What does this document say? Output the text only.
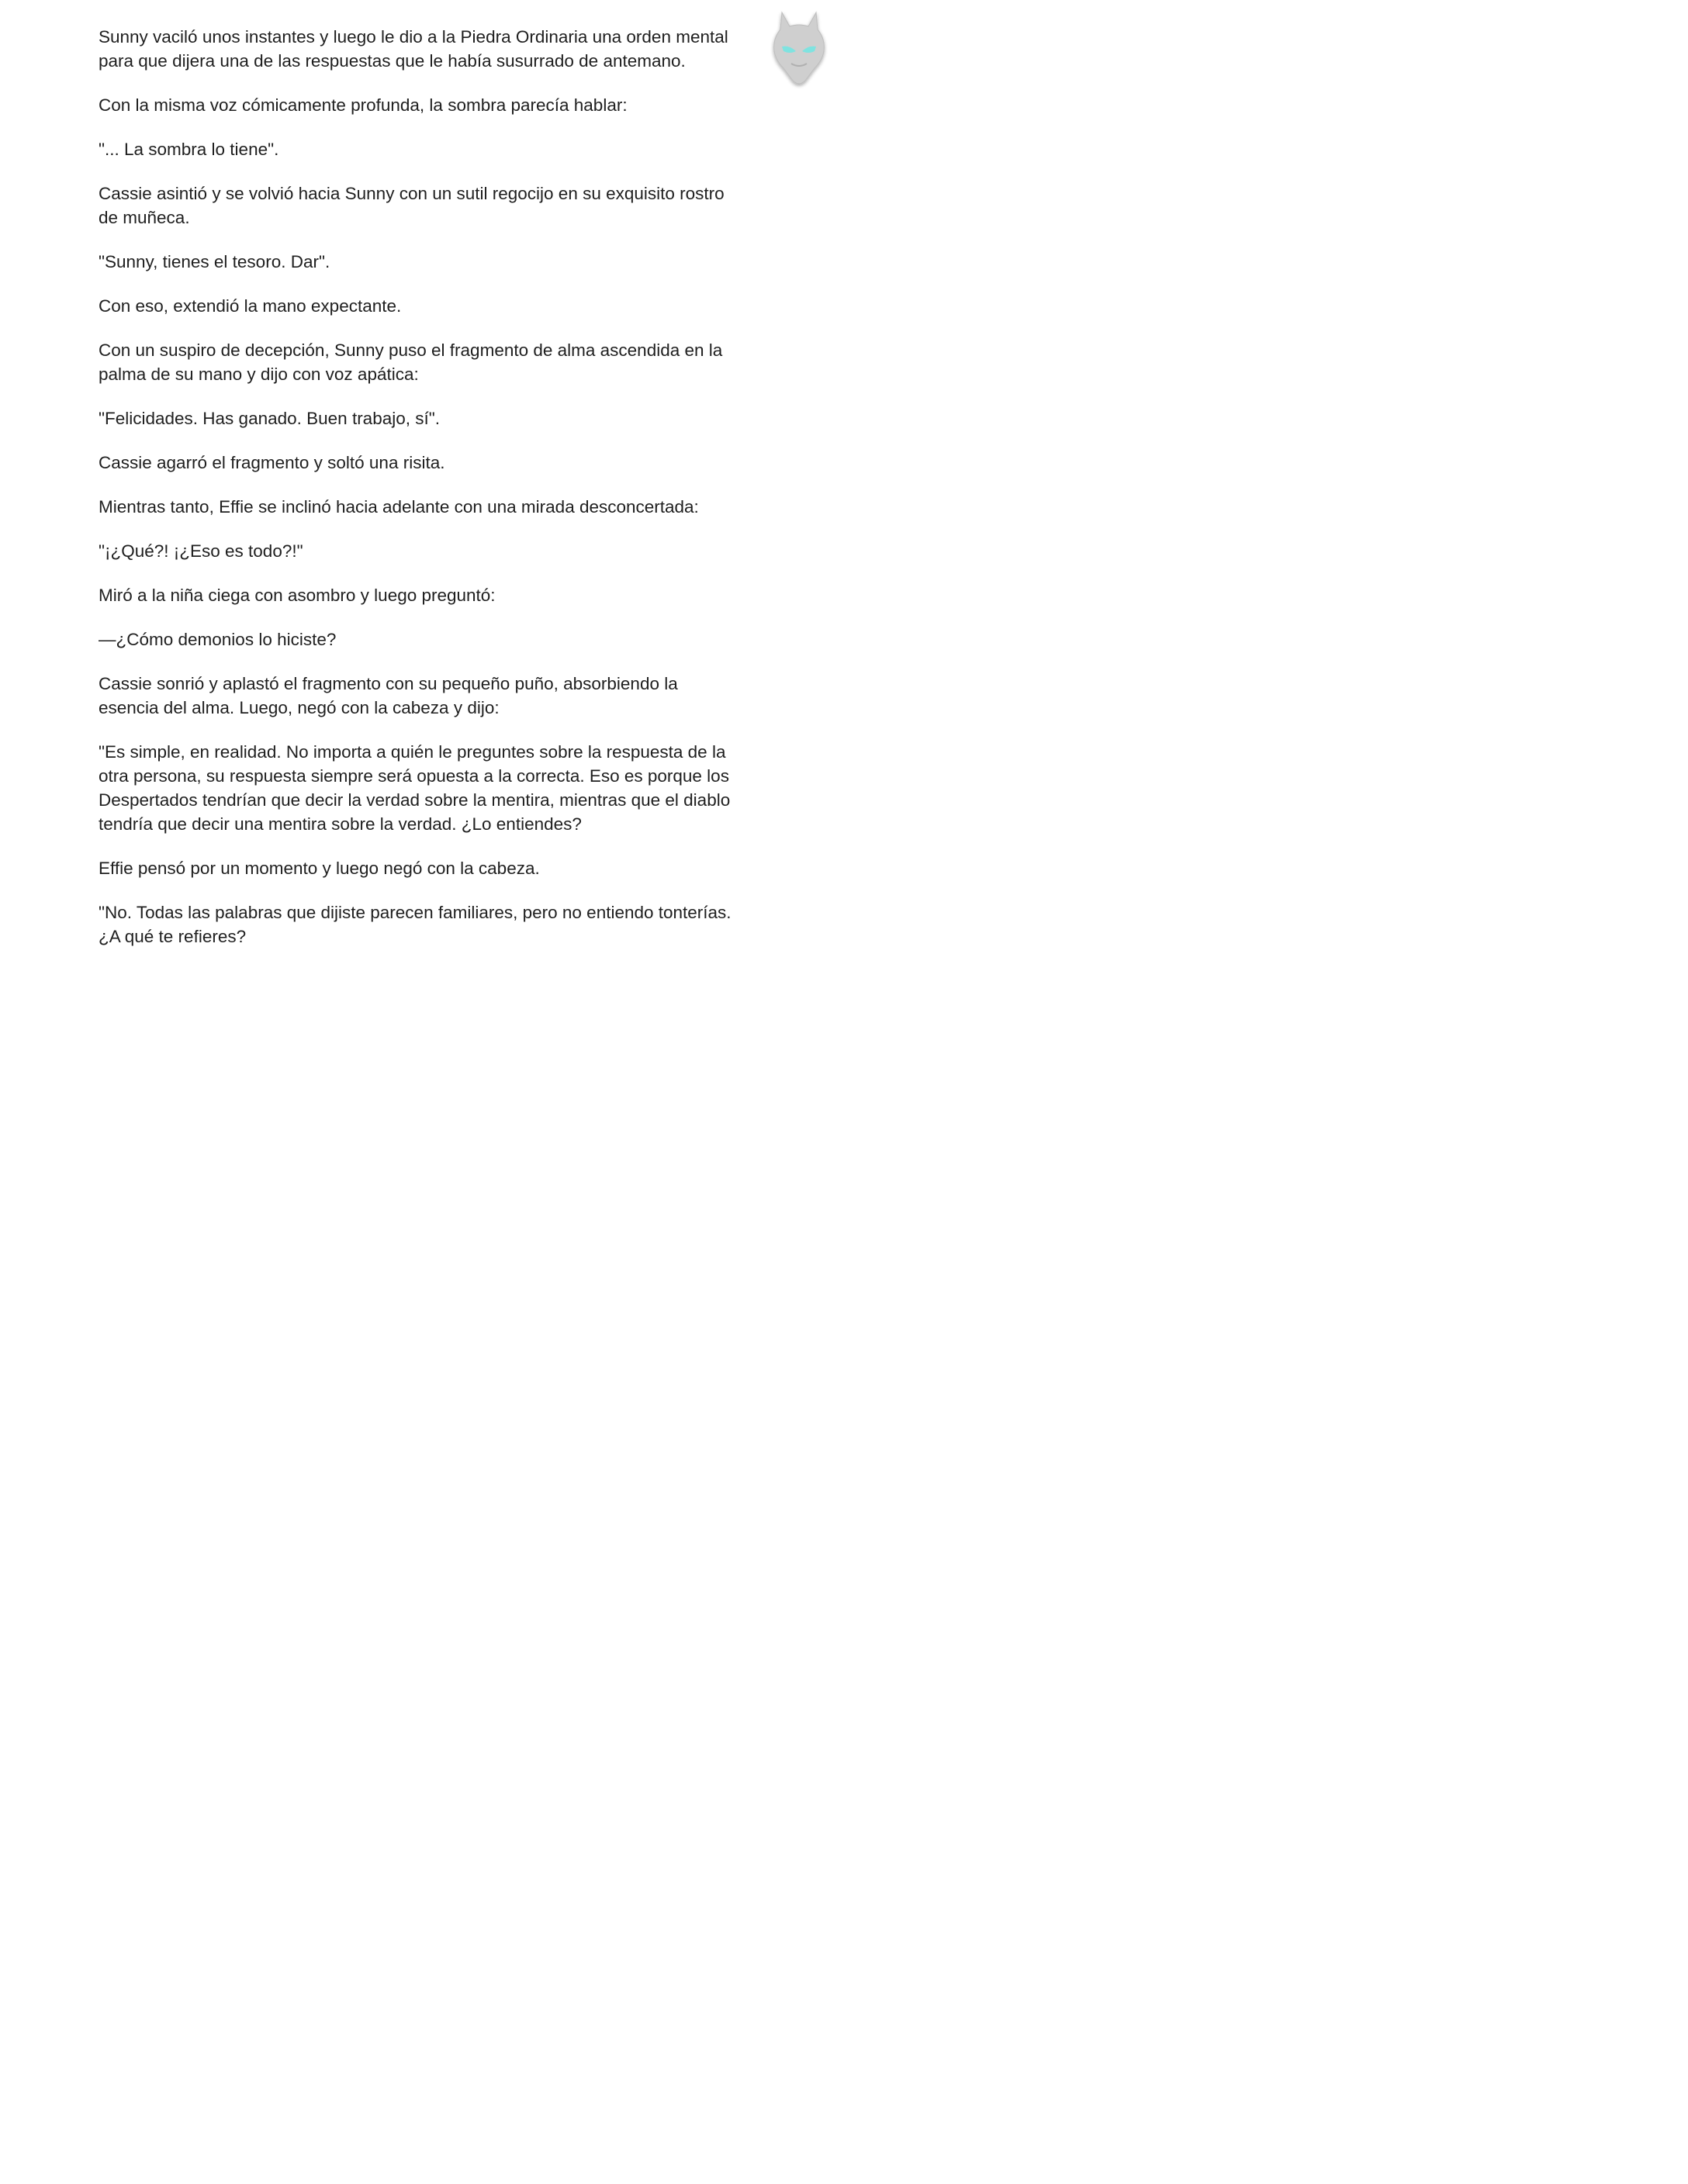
Sunny vaciló unos instantes y luego le dio a la Piedra Ordinaria una orden mental para que dijera una de las respuestas que le había susurrado de antemano.

Con la misma voz cómicamente profunda, la sombra parecía hablar:

"... La sombra lo tiene".

Cassie asintió y se volvió hacia Sunny con un sutil regocijo en su exquisito rostro de muñeca.

"Sunny, tienes el tesoro. Dar".

Con eso, extendió la mano expectante.

Con un suspiro de decepción, Sunny puso el fragmento de alma ascendida en la palma de su mano y dijo con voz apática:

"Felicidades. Has ganado. Buen trabajo, sí".

Cassie agarró el fragmento y soltó una risita.

Mientras tanto, Effie se inclinó hacia adelante con una mirada desconcertada:

"¡¿Qué?! ¡¿Eso es todo?!"

Miró a la niña ciega con asombro y luego preguntó:

—¿Cómo demonios lo hiciste?

Cassie sonrió y aplastó el fragmento con su pequeño puño, absorbiendo la esencia del alma. Luego, negó con la cabeza y dijo:

"Es simple, en realidad. No importa a quién le preguntes sobre la respuesta de la otra persona, su respuesta siempre será opuesta a la correcta. Eso es porque los Despertados tendrían que decir la verdad sobre la mentira, mientras que el diablo tendría que decir una mentira sobre la verdad. ¿Lo entiendes?

Effie pensó por un momento y luego negó con la cabeza.

"No. Todas las palabras que dijiste parecen familiares, pero no entiendo tonterías. ¿A qué te refieres?
